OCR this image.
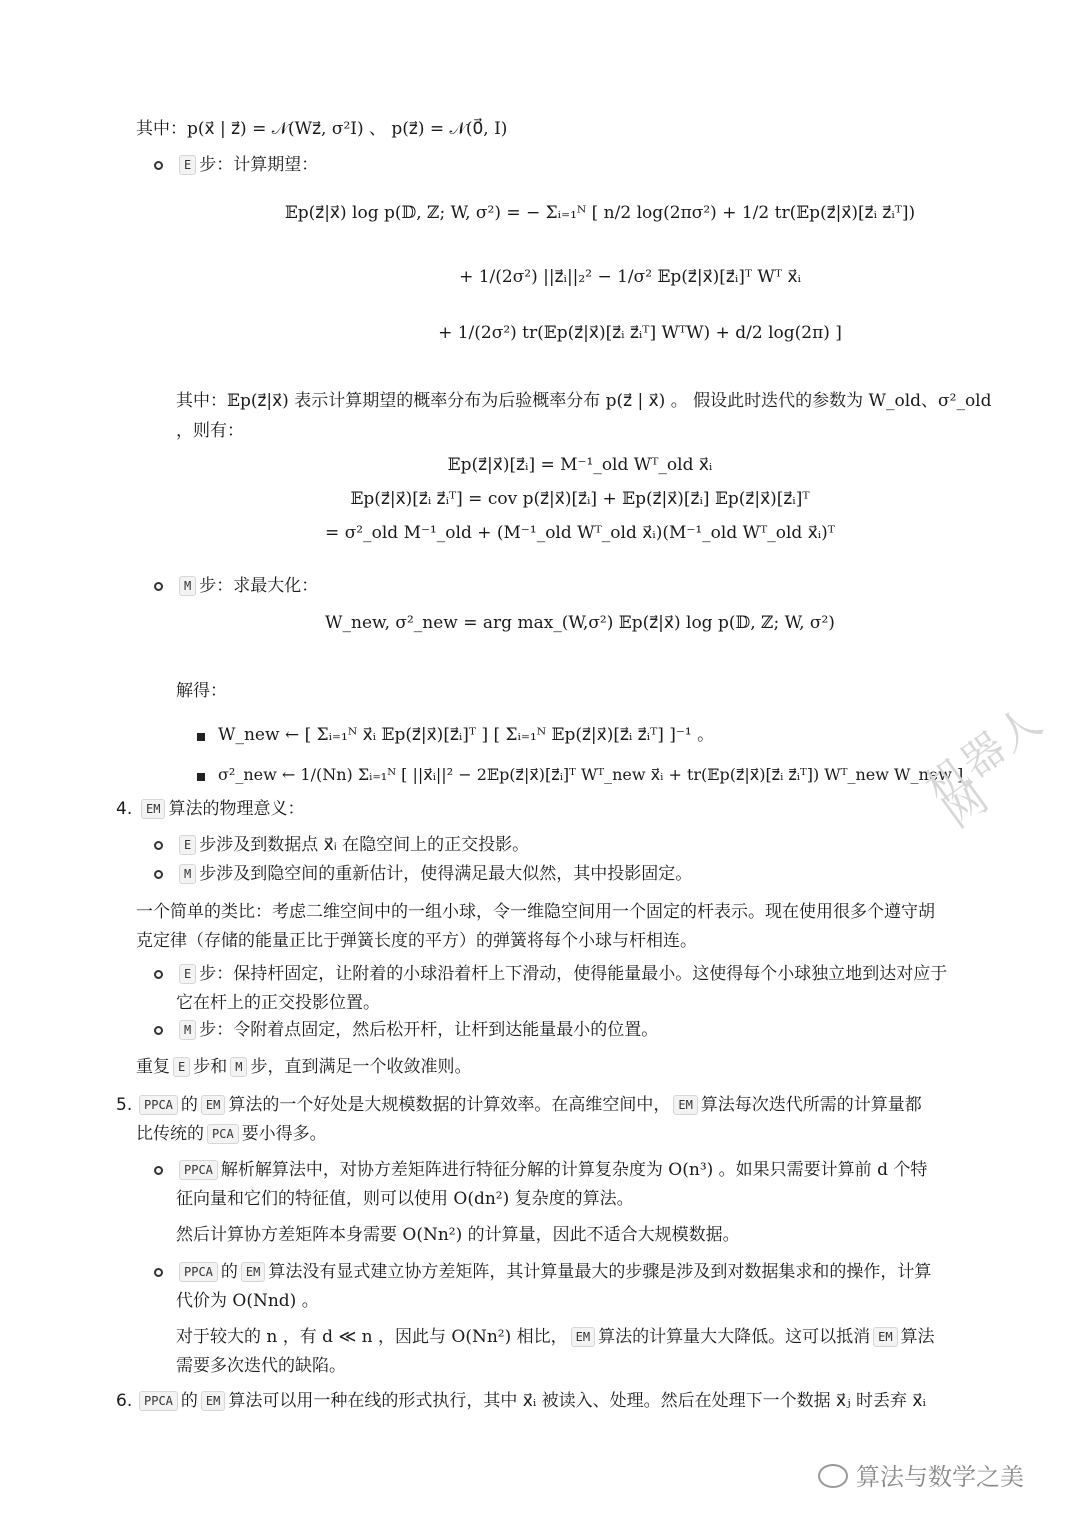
其中：p(x⃗ | z⃗) = 𝒩(Wz⃗, σ²I) 、 p(z⃗) = 𝒩(0⃗, I)
E 步：计算期望：
𝔼p(z⃗|x⃗) log p(𝔻, ℤ; W, σ²) = − Σᵢ₌₁ᴺ [ n/2 log(2πσ²) + 1/2 tr(𝔼p(z⃗|x⃗)[z⃗ᵢ z⃗ᵢᵀ])
+ 1/(2σ²) ||z⃗ᵢ||₂² − 1/σ² 𝔼p(z⃗|x⃗)[z⃗ᵢ]ᵀ Wᵀ x⃗ᵢ
+ 1/(2σ²) tr(𝔼p(z⃗|x⃗)[z⃗ᵢ z⃗ᵢᵀ] WᵀW) + d/2 log(2π) ]
其中：𝔼p(z⃗|x⃗) 表示计算期望的概率分布为后验概率分布 p(z⃗ | x⃗) 。 假设此时迭代的参数为 W_old、σ²_old
，则有：
𝔼p(z⃗|x⃗)[z⃗ᵢ] = M⁻¹_old Wᵀ_old x⃗ᵢ
𝔼p(z⃗|x⃗)[z⃗ᵢ z⃗ᵢᵀ] = cov p(z⃗|x⃗)[z⃗ᵢ] + 𝔼p(z⃗|x⃗)[z⃗ᵢ] 𝔼p(z⃗|x⃗)[z⃗ᵢ]ᵀ
= σ²_old M⁻¹_old + (M⁻¹_old Wᵀ_old x⃗ᵢ)(M⁻¹_old Wᵀ_old x⃗ᵢ)ᵀ
M 步：求最大化：
W_new, σ²_new = arg max_(W,σ²) 𝔼p(z⃗|x⃗) log p(𝔻, ℤ; W, σ²)
解得：
W_new ← [ Σᵢ₌₁ᴺ x⃗ᵢ 𝔼p(z⃗|x⃗)[z⃗ᵢ]ᵀ ] [ Σᵢ₌₁ᴺ 𝔼p(z⃗|x⃗)[z⃗ᵢ z⃗ᵢᵀ] ]⁻¹ 。
σ²_new ← 1/(Nn) Σᵢ₌₁ᴺ [ ||x⃗ᵢ||² − 2𝔼p(z⃗|x⃗)[z⃗ᵢ]ᵀ Wᵀ_new x⃗ᵢ + tr(𝔼p(z⃗|x⃗)[z⃗ᵢ z⃗ᵢᵀ]) Wᵀ_new W_new ]
4.	EM 算法的物理意义：
E 步涉及到数据点 x⃗ᵢ 在隐空间上的正交投影。
M 步涉及到隐空间的重新估计，使得满足最大似然，其中投影固定。
一个简单的类比：考虑二维空间中的一组小球，令一维隐空间用一个固定的杆表示。现在使用很多个遵守胡
克定律（存储的能量正比于弹簧长度的平方）的弹簧将每个小球与杆相连。
E 步：保持杆固定，让附着的小球沿着杆上下滑动，使得能量最小。这使得每个小球独立地到达对应于
它在杆上的正交投影位置。
M 步：令附着点固定，然后松开杆，让杆到达能量最小的位置。
重复 E 步和 M 步，直到满足一个收敛准则。
5. PPCA 的 EM 算法的一个好处是大规模数据的计算效率。在高维空间中， EM 算法每次迭代所需的计算量都
比传统的 PCA 要小得多。
PPCA 解析解算法中，对协方差矩阵进行特征分解的计算复杂度为 O(n³) 。如果只需要计算前 d 个特
征向量和它们的特征值，则可以使用 O(dn²) 复杂度的算法。
然后计算协方差矩阵本身需要 O(Nn²) 的计算量，因此不适合大规模数据。
PPCA 的 EM 算法没有显式建立协方差矩阵，其计算量最大的步骤是涉及到对数据集求和的操作，计算
代价为 O(Nnd) 。
对于较大的 n ，有 d ≪ n ，因此与 O(Nn²) 相比， EM 算法的计算量大大降低。这可以抵消 EM 算法
需要多次迭代的缺陷。
6. PPCA 的 EM 算法可以用一种在线的形式执行，其中 x⃗ᵢ 被读入、处理。然后在处理下一个数据 x⃗ⱼ 时丢弃 x⃗ᵢ
机器人网
算法与数学之美
